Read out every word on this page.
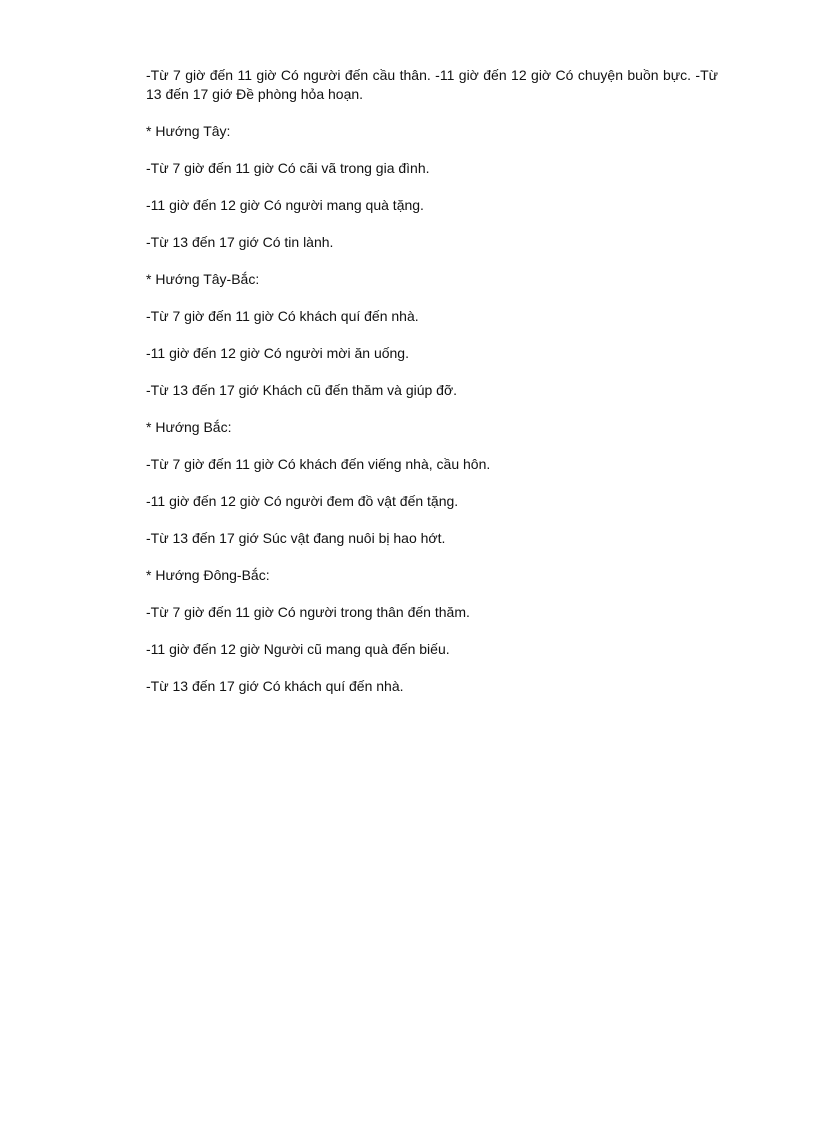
-Từ 7 giờ đến 11 giờ Có người đến cầu thân. -11 giờ đến 12 giờ Có chuyện buồn bực. -Từ 13 đến 17 giớ Đề phòng hỏa hoạn.

* Hướng Tây:

-Từ 7 giờ đến 11 giờ Có cãi vã trong gia đình.

-11 giờ đến 12 giờ Có người mang quà tặng.

-Từ 13 đến 17 giớ Có tin lành.

* Hướng Tây-Bắc:

-Từ 7 giờ đến 11 giờ Có khách quí đến nhà.

-11 giờ đến 12 giờ Có người mời ăn uống.

-Từ 13 đến 17 giớ Khách cũ đến thăm và giúp đỡ.

* Hướng Bắc:

-Từ 7 giờ đến 11 giờ Có khách đến viếng nhà, cầu hôn.

-11 giờ đến 12 giờ Có người đem đồ vật đến tặng.

-Từ 13 đến 17 giớ Súc vật đang nuôi bị hao hớt.

* Hướng Đông-Bắc:

-Từ 7 giờ đến 11 giờ Có người trong thân đến thăm.

-11 giờ đến 12 giờ Người cũ mang quà đến biếu.

-Từ 13 đến 17 giớ Có khách quí đến nhà.
